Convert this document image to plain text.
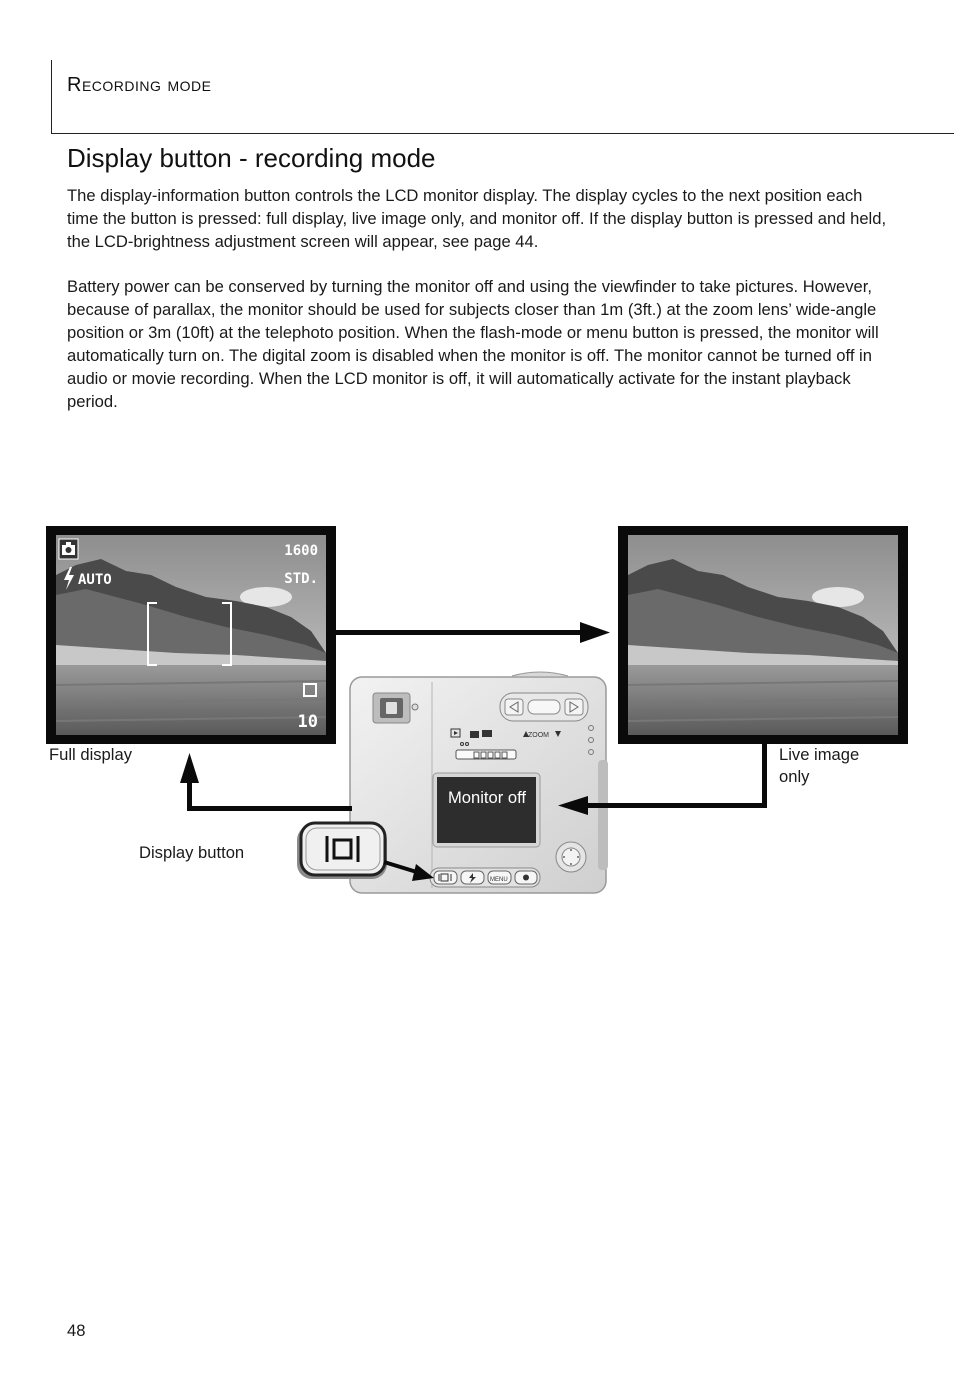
Recording mode
Display button - recording mode

The display-information button controls the LCD monitor display. The display cycles to the next position each time the button is pressed: full display, live image only, and monitor off. If the display button is pressed and held, the LCD-brightness adjustment screen will appear, see page 44.

Battery power can be conserved by turning the monitor off and using the viewfinder to take pictures. However, because of parallax, the monitor should be used for subjects closer than 1m (3ft.) at the zoom lens’ wide-angle position or 3m (10ft) at the telephoto position. When the flash-mode or menu button is pressed, the monitor will automatically turn on. The digital zoom is disabled when the monitor is off. The monitor cannot be turned off in audio or movie recording. When the LCD monitor is off, it will automatically activate for the instant playback period.

AUTO
1600
STD.
10
ZOOM
MENU
Full display	Live image only
Display button
Monitor off
48
